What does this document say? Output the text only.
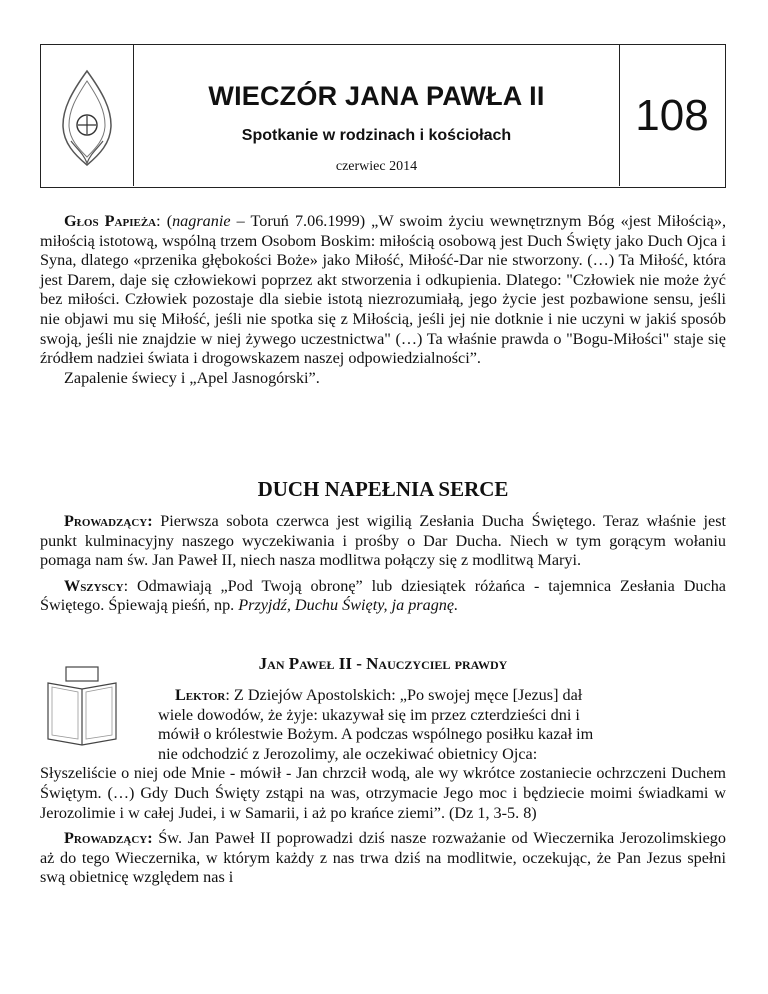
WIECZÓR JANA PAWŁA II
Spotkanie w rodzinach i kościołach
czerwiec 2014
108

Głos Papieża: (nagranie – Toruń 7.06.1999) „W swoim życiu wewnętrznym Bóg «jest Miłością», miłością istotową, wspólną trzem Osobom Boskim: miłością osobową jest Duch Święty jako Duch Ojca i Syna, dlatego «przenika głębokości Boże» jako Miłość, Miłość-Dar nie stworzony. (…) Ta Miłość, która jest Darem, daje się człowiekowi poprzez akt stworzenia i odkupienia. Dlatego: "Człowiek nie może żyć bez miłości. Człowiek pozostaje dla siebie istotą niezrozumiałą, jego życie jest pozbawione sensu, jeśli nie objawi mu się Miłość, jeśli nie spotka się z Miłością, jeśli jej nie dotknie i nie uczyni w jakiś sposób swoją, jeśli nie znajdzie w niej żywego uczestnictwa" (…) Ta właśnie prawda o "Bogu-Miłości" staje się źródłem nadziei świata i drogowskazem naszej odpowiedzialności”.

Zapalenie świecy i „Apel Jasnogórski”.

DUCH NAPEŁNIA SERCE

Prowadzący: Pierwsza sobota czerwca jest wigilią Zesłania Ducha Świętego. Teraz właśnie jest punkt kulminacyjny naszego wyczekiwania i prośby o Dar Ducha. Niech w tym gorącym wołaniu pomaga nam św. Jan Paweł II, niech nasza modlitwa połączy się z modlitwą Maryi.

Wszyscy: Odmawiają „Pod Twoją obronę” lub dziesiątek różańca - tajemnica Zesłania Ducha Świętego. Śpiewają pieśń, np. Przyjdź, Duchu Święty, ja pragnę.

Jan Paweł II - Nauczyciel prawdy
Lektor: Z Dziejów Apostolskich: „Po swojej męce [Jezus] dał
wiele dowodów, że żyje: ukazywał się im przez czterdzieści dni i
mówił o królestwie Bożym. A podczas wspólnego posiłku kazał im
nie odchodzić z Jerozolimy, ale oczekiwać obietnicy Ojca:
Słyszeliście o niej ode Mnie - mówił - Jan chrzcił wodą, ale wy wkrótce zostaniecie ochrzczeni Duchem Świętym. (…) Gdy Duch Święty zstąpi na was, otrzymacie Jego moc i będziecie moimi świadkami w Jerozolimie i w całej Judei, i w Samarii, i aż po krańce ziemi”. (Dz 1, 3-5. 8)

Prowadzący: Św. Jan Paweł II poprowadzi dziś nasze rozważanie od Wieczernika Jerozolimskiego aż do tego Wieczernika, w którym każdy z nas trwa dziś na modlitwie, oczekując, że Pan Jezus spełni swą obietnicę względem nas i
